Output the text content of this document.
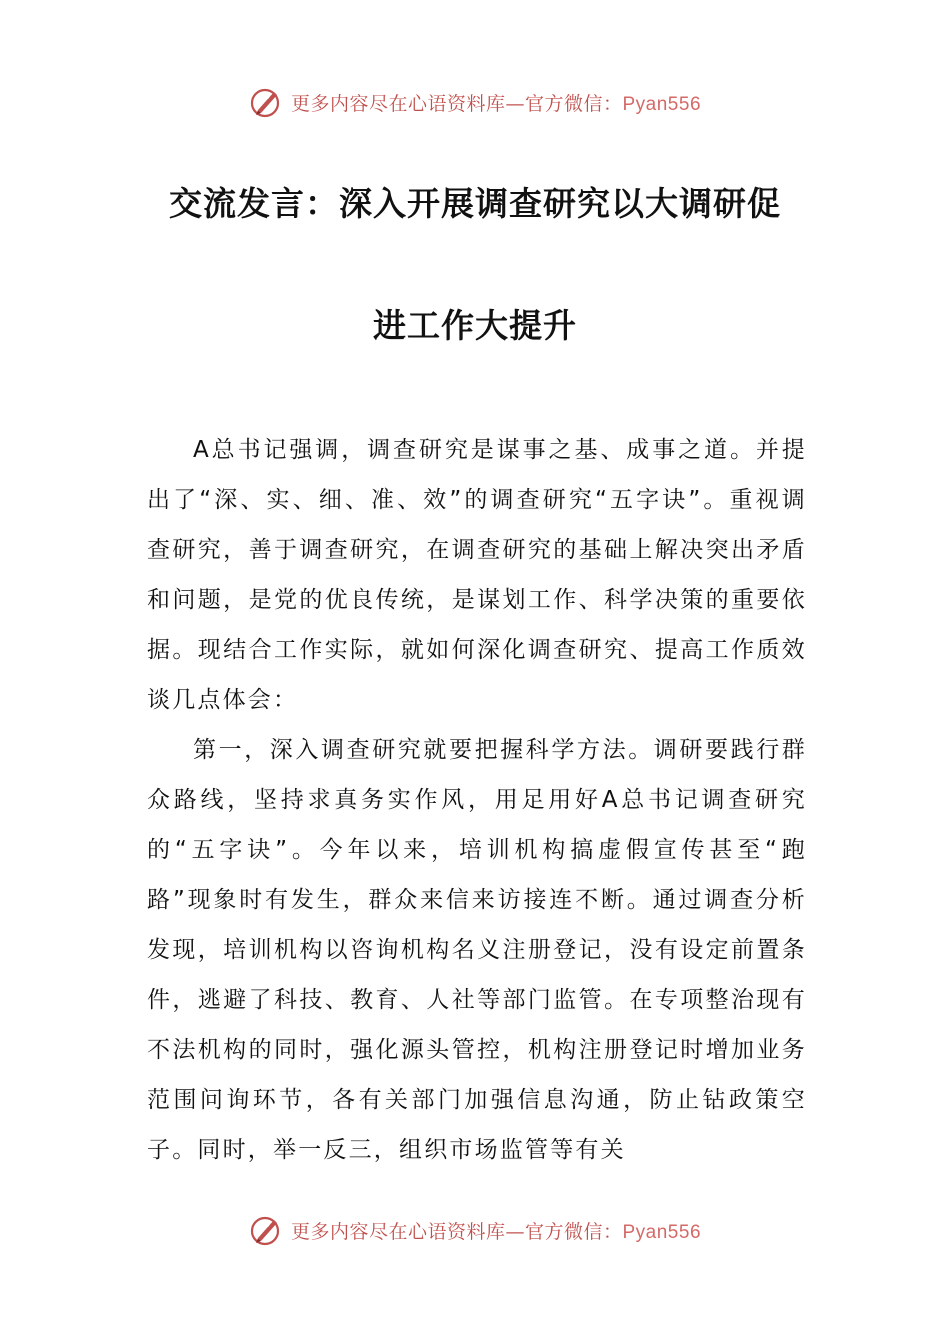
更多内容尽在心语资料库—官方微信：Pyan556
交流发言：深入开展调查研究以大调研促
进工作大提升

A总书记强调，调查研究是谋事之基、成事之道。并提出了“深、实、细、准、效”的调查研究“五字诀”。重视调查研究，善于调查研究，在调查研究的基础上解决突出矛盾和问题，是党的优良传统，是谋划工作、科学决策的重要依据。现结合工作实际，就如何深化调查研究、提高工作质效谈几点体会：

第一，深入调查研究就要把握科学方法。调研要践行群众路线，坚持求真务实作风，用足用好A总书记调查研究的“五字诀”。今年以来，培训机构搞虚假宣传甚至“跑路”现象时有发生，群众来信来访接连不断。通过调查分析发现，培训机构以咨询机构名义注册登记，没有设定前置条件，逃避了科技、教育、人社等部门监管。在专项整治现有不法机构的同时，强化源头管控，机构注册登记时增加业务范围问询环节，各有关部门加强信息沟通，防止钻政策空子。同时，举一反三，组织市场监管等有关

更多内容尽在心语资料库—官方微信：Pyan556
